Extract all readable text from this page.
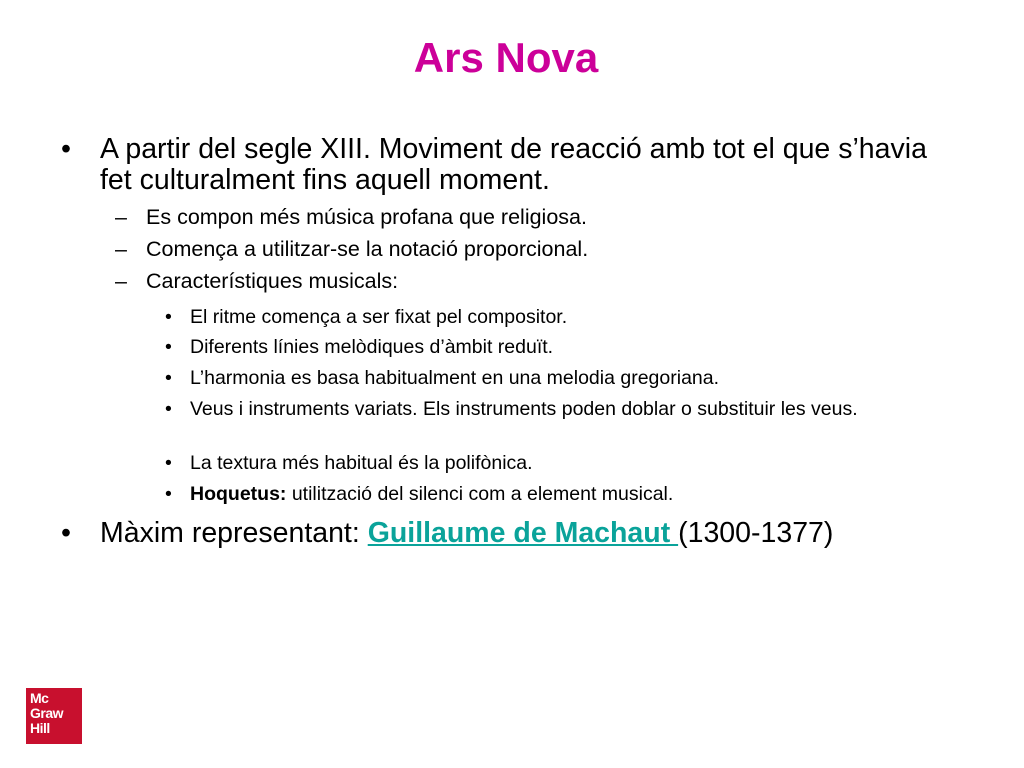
Ars Nova
• A partir del segle XIII. Moviment de reacció amb tot el que s’havia fet culturalment fins aquell moment.
– Es compon més música profana que religiosa.
– Comença a utilitzar-se la notació proporcional.
– Característiques musicals:
• El ritme comença a ser fixat pel compositor.
• Diferents línies melòdiques d’àmbit reduït.
• L’harmonia es basa habitualment en una melodia gregoriana.
• Veus i instruments variats. Els instruments poden doblar o substituir les veus.
• La textura més habitual és la polifònica.
• Hoquetus: utilització del silenci com a element musical.
• Màxim representant: Guillaume de Machaut (1300-1377)
Mc
Graw
Hill
